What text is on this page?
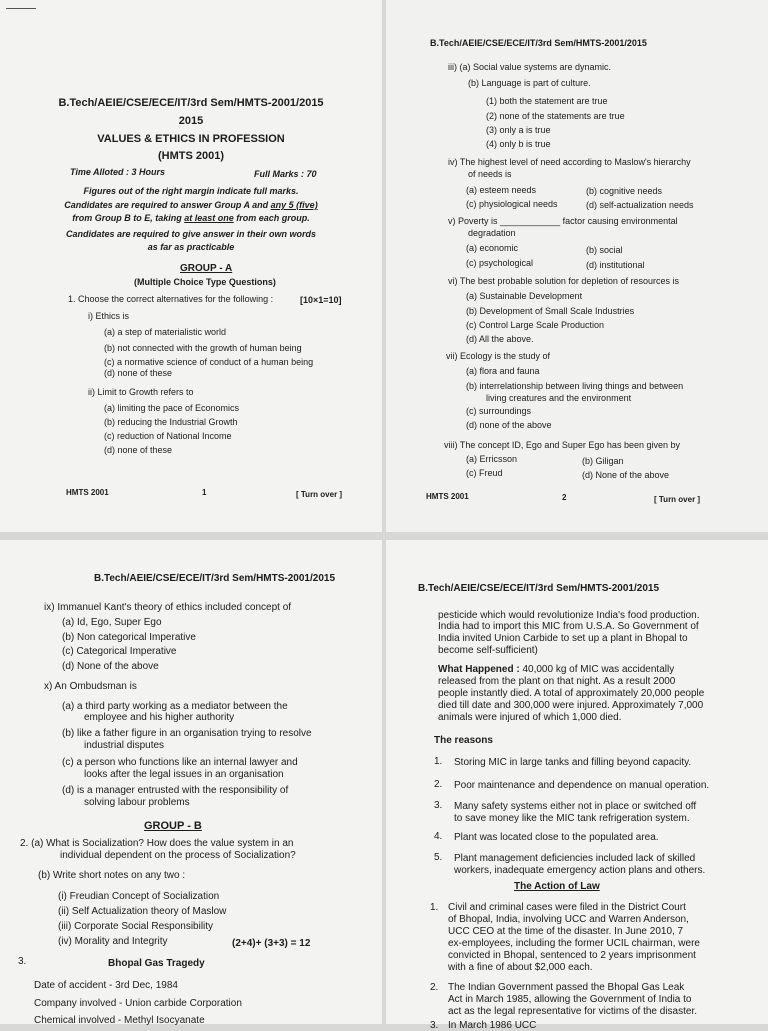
B.Tech/AEIE/CSE/ECE/IT/3rd Sem/HMTS-2001/2015
2015
VALUES & ETHICS IN PROFESSION
(HMTS 2001)
Time Alloted : 3 Hours	Full Marks : 70
Figures out of the right margin indicate full marks.
Candidates are required to answer Group A and any 5 (five)
from Group B to E, taking at least one from each group.
Candidates are required to give answer in their own words
as far as practicable
GROUP - A
(Multiple Choice Type Questions)
1. Choose the correct alternatives for the following :	[10×1=10]
i) Ethics is
(a) a step of materialistic world
(b) not connected with the growth of human being
(c) a normative science of conduct of a human being
(d) none of these
ii) Limit to Growth refers to
(a) limiting the pace of Economics
(b) reducing the Industrial Growth
(c) reduction of National Income
(d) none of these
HMTS 2001	1	[ Turn over ]
B.Tech/AEIE/CSE/ECE/IT/3rd Sem/HMTS-2001/2015
iii) (a) Social value systems are dynamic.
(b) Language is part of culture.
(1) both the statement are true
(2) none of the statements are true
(3) only a is true
(4) only b is true
iv) The highest level of need according to Maslow's hierarchy
of needs is
(a) esteem needs	(b) cognitive needs
(c) physiological needs	(d) self-actualization needs
v) Poverty is ____________ factor causing environmental
degradation
(a) economic	(b) social
(c) psychological	(d) institutional
vi) The best probable solution for depletion of resources is
(a) Sustainable Development
(b) Development of Small Scale Industries
(c) Control Large Scale Production
(d) All the above.
vii) Ecology is the study of
(a) flora and fauna
(b) interrelationship between living things and between
living creatures and the environment
(c) surroundings
(d) none of the above
viii) The concept ID, Ego and Super Ego has been given by
(a) Erricsson	(b) Giligan
(c) Freud	(d) None of the above
HMTS 2001	2	[ Turn over ]
B.Tech/AEIE/CSE/ECE/IT/3rd Sem/HMTS-2001/2015
ix) Immanuel Kant's theory of ethics included concept of
(a) Id, Ego, Super Ego
(b) Non categorical Imperative
(c) Categorical Imperative
(d) None of the above
x) An Ombudsman is
(a) a third party working as a mediator between the
employee and his higher authority
(b) like a father figure in an organisation trying to resolve
industrial disputes
(c) a person who functions like an internal lawyer and
looks after the legal issues in an organisation
(d) is a manager entrusted with the responsibility of
solving labour problems
GROUP - B
2. (a) What is Socialization? How does the value system in an
individual dependent on the process of Socialization?
(b) Write short notes on any two :
(i) Freudian Concept of Socialization
(ii) Self Actualization theory of Maslow
(iii) Corporate Social Responsibility
(iv) Morality and Integrity	(2+4)+ (3+3) = 12
3.	Bhopal Gas Tragedy
Date of accident - 3rd Dec, 1984
Company involved - Union carbide Corporation
Chemical involved - Methyl Isocyanate
B.Tech/AEIE/CSE/ECE/IT/3rd Sem/HMTS-2001/2015
pesticide which would revolutionize India's food production.
India had to import this MIC from U.S.A. So Government of
India invited Union Carbide to set up a plant in Bhopal to
become self-sufficient)
What Happened : 40,000 kg of MIC was accidentally
released from the plant on that night. As a result 2000
people instantly died. A total of approximately 20,000 people
died till date and 300,000 were injured. Approximately 7,000
animals were injured of which 1,000 died.
The reasons
1. Storing MIC in large tanks and filling beyond capacity.
2. Poor maintenance and dependence on manual operation.
3. Many safety systems either not in place or switched off
to save money like the MIC tank refrigeration system.
4. Plant was located close to the populated area.
5. Plant management deficiencies included lack of skilled
workers, inadequate emergency action plans and others.
The Action of Law
1. Civil and criminal cases were filed in the District Court
of Bhopal, India, involving UCC and Warren Anderson,
UCC CEO at the time of the disaster. In June 2010, 7
ex-employees, including the former UCIL chairman, were
convicted in Bhopal, sentenced to 2 years imprisonment
with a fine of about $2,000 each.
2. The Indian Government passed the Bhopal Gas Leak
Act in March 1985, allowing the Government of India to
act as the legal representative for victims of the disaster.
3. In March 1986 UCC
